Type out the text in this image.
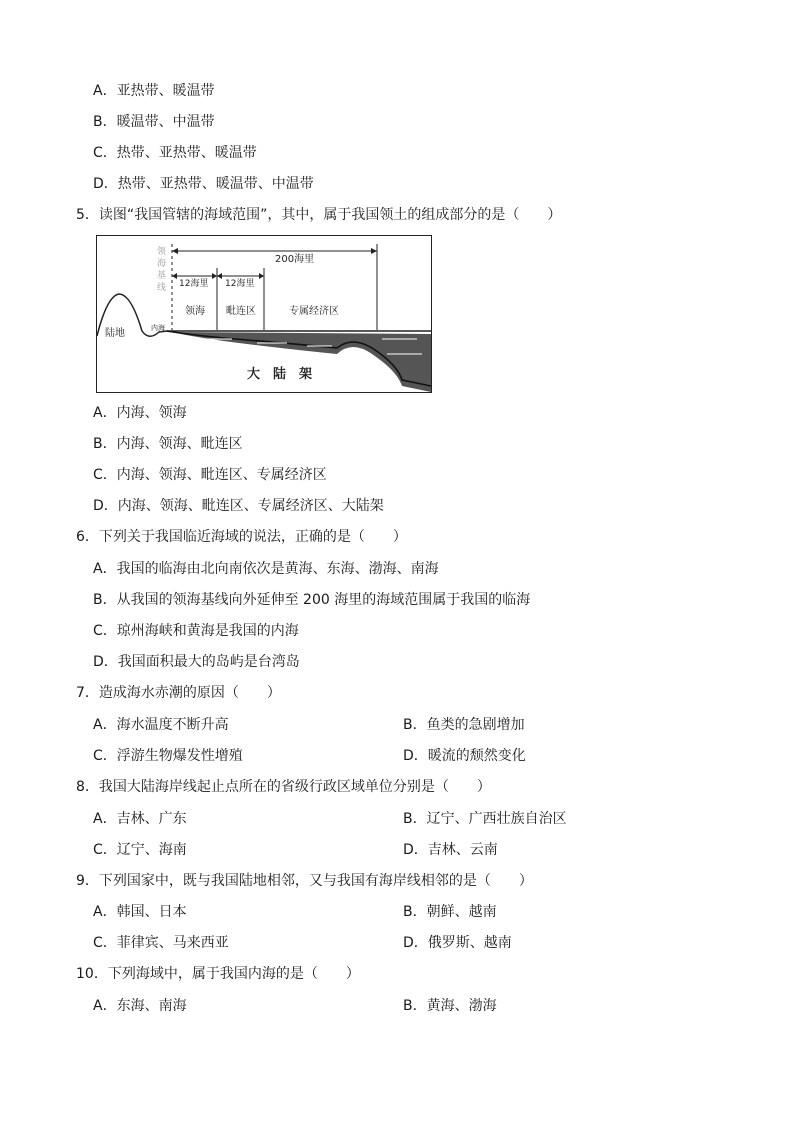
A．亚热带、暖温带
B．暖温带、中温带
C．热带、亚热带、暖温带
D．热带、亚热带、暖温带、中温带
5．读图“我国管辖的海域范围”，其中，属于我国领土的组成部分的是（　　）
200海里
12海里 12海里
领海 毗连区	专属经济区
陆地	内海
大　陆　架
领海基线
A．内海、领海
B．内海、领海、毗连区
C．内海、领海、毗连区、专属经济区
D．内海、领海、毗连区、专属经济区、大陆架
6．下列关于我国临近海域的说法，正确的是（　　）
A．我国的临海由北向南依次是黄海、东海、渤海、南海
B．从我国的领海基线向外延伸至 200 海里的海域范围属于我国的临海
C．琼州海峡和黄海是我国的内海
D．我国面积最大的岛屿是台湾岛
7．造成海水赤潮的原因（　　）
A．海水温度不断升高	B．鱼类的急剧增加
C．浮游生物爆发性增殖	D．暖流的颓然变化
8．我国大陆海岸线起止点所在的省级行政区域单位分别是（　　）
A．吉林、广东	B．辽宁、广西壮族自治区
C．辽宁、海南	D．吉林、云南
9．下列国家中，既与我国陆地相邻，又与我国有海岸线相邻的是（　　）
A．韩国、日本	B．朝鲜、越南
C．菲律宾、马来西亚	D．俄罗斯、越南
10．下列海域中，属于我国内海的是（　　）
A．东海、南海	B．黄海、渤海
